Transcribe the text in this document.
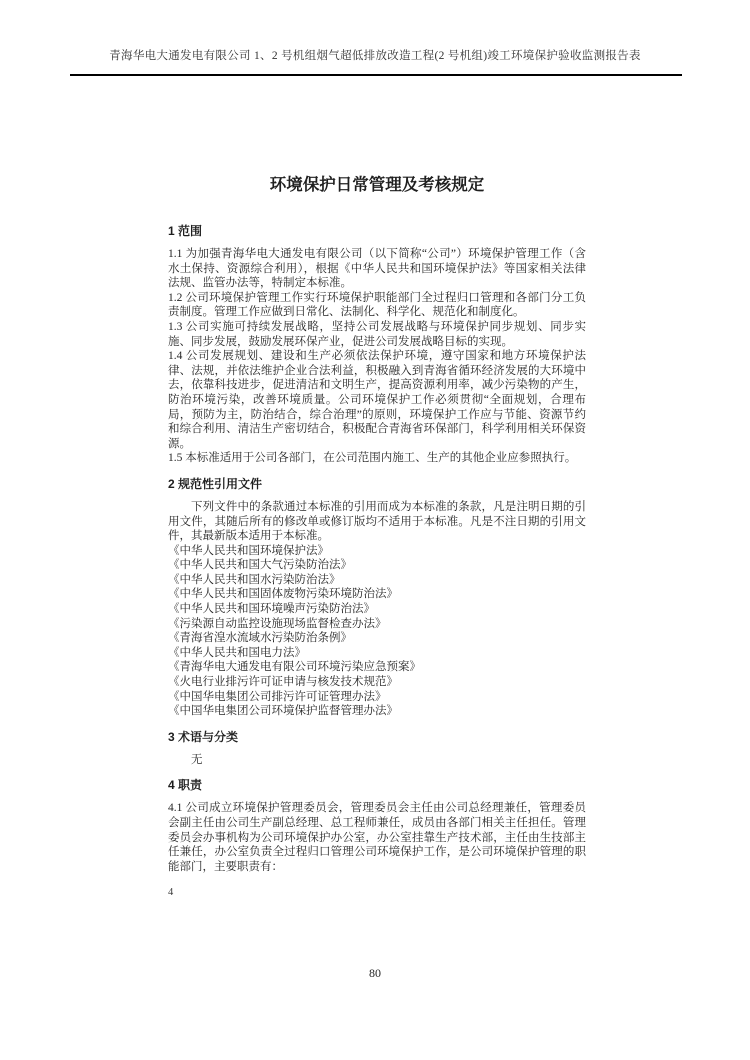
青海华电大通发电有限公司 1、2 号机组烟气超低排放改造工程(2 号机组)竣工环境保护验收监测报告表
环境保护日常管理及考核规定
1 范围

1.1 为加强青海华电大通发电有限公司（以下简称“公司”）环境保护管理工作（含水土保持、资源综合利用），根据《中华人民共和国环境保护法》等国家相关法律法规、监管办法等，特制定本标准。

1.2 公司环境保护管理工作实行环境保护职能部门全过程归口管理和各部门分工负责制度。管理工作应做到日常化、法制化、科学化、规范化和制度化。

1.3 公司实施可持续发展战略，坚持公司发展战略与环境保护同步规划、同步实施、同步发展，鼓励发展环保产业，促进公司发展战略目标的实现。

1.4 公司发展规划、建设和生产必须依法保护环境，遵守国家和地方环境保护法律、法规，并依法维护企业合法利益，积极融入到青海省循环经济发展的大环境中去，依靠科技进步，促进清洁和文明生产，提高资源利用率，减少污染物的产生，防治环境污染，改善环境质量。公司环境保护工作必须贯彻“全面规划，合理布局，预防为主，防治结合，综合治理”的原则，环境保护工作应与节能、资源节约和综合利用、清洁生产密切结合，积极配合青海省环保部门，科学利用相关环保资源。

1.5 本标准适用于公司各部门，在公司范围内施工、生产的其他企业应参照执行。

2 规范性引用文件

下列文件中的条款通过本标准的引用而成为本标准的条款，凡是注明日期的引用文件，其随后所有的修改单或修订版均不适用于本标准。凡是不注日期的引用文件，其最新版本适用于本标准。

《中华人民共和国环境保护法》
《中华人民共和国大气污染防治法》
《中华人民共和国水污染防治法》
《中华人民共和国固体废物污染环境防治法》
《中华人民共和国环境噪声污染防治法》
《污染源自动监控设施现场监督检查办法》
《青海省湟水流域水污染防治条例》
《中华人民共和国电力法》
《青海华电大通发电有限公司环境污染应急预案》
《火电行业排污许可证申请与核发技术规范》
《中国华电集团公司排污许可证管理办法》
《中国华电集团公司环境保护监督管理办法》
3 术语与分类
无
4 职责

4.1 公司成立环境保护管理委员会，管理委员会主任由公司总经理兼任，管理委员会副主任由公司生产副总经理、总工程师兼任，成员由各部门相关主任担任。管理委员会办事机构为公司环境保护办公室，办公室挂靠生产技术部，主任由生技部主任兼任，办公室负责全过程归口管理公司环境保护工作，是公司环境保护管理的职能部门，主要职责有：

4
80
